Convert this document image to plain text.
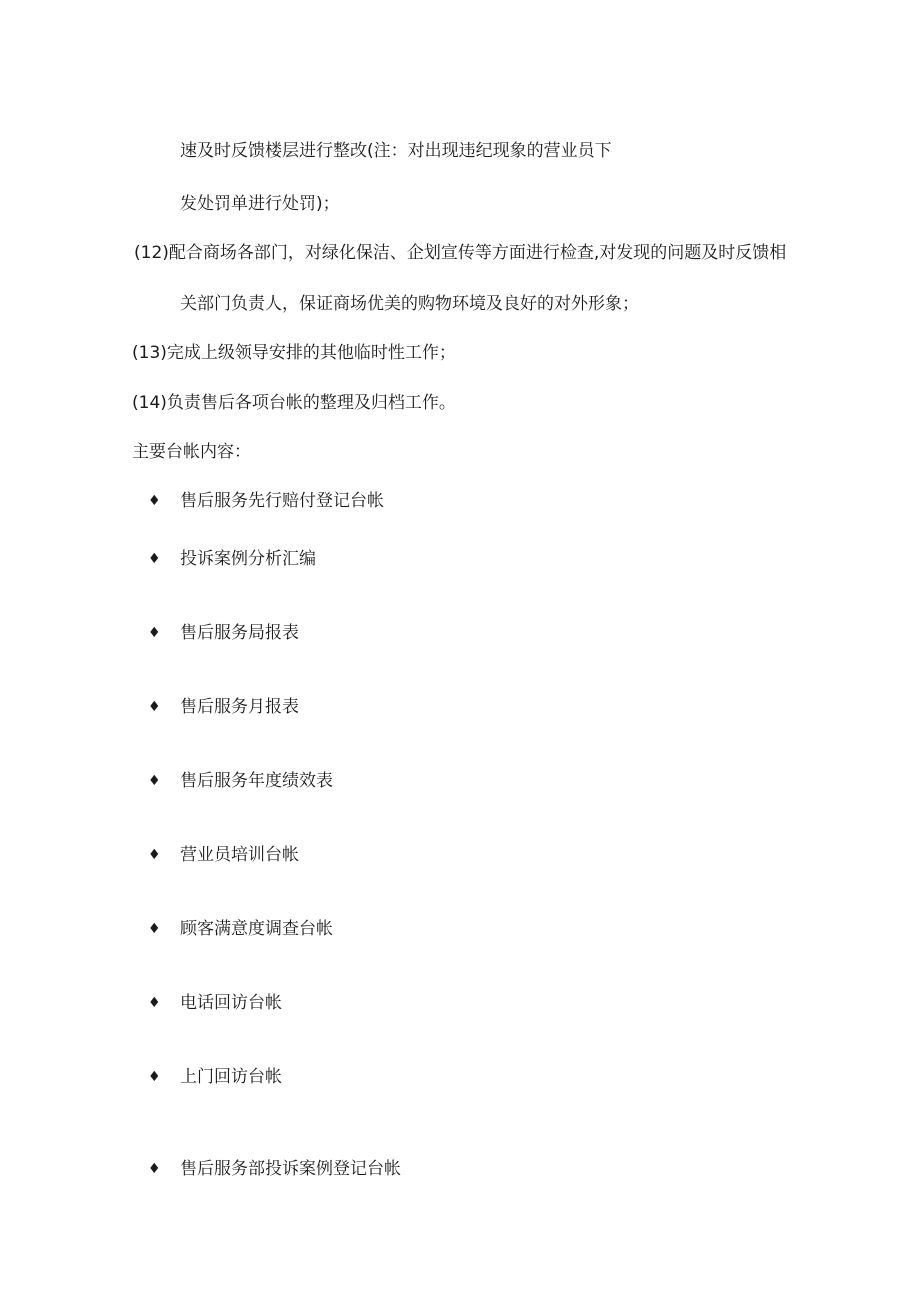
速及时反馈楼层进行整改(注：对出现违纪现象的营业员下
发处罚单进行处罚)；
(12)配合商场各部门，对绿化保洁、企划宣传等方面进行检查,对发现的问题及时反馈相
关部门负责人，保证商场优美的购物环境及良好的对外形象；
(13)完成上级领导安排的其他临时性工作；
(14)负责售后各项台帐的整理及归档工作。
主要台帐内容：
♦ 售后服务先行赔付登记台帐
♦ 投诉案例分析汇编
♦ 售后服务局报表
♦ 售后服务月报表
♦ 售后服务年度绩效表
♦ 营业员培训台帐
♦ 顾客满意度调查台帐
♦ 电话回访台帐
♦ 上门回访台帐
♦ 售后服务部投诉案例登记台帐
